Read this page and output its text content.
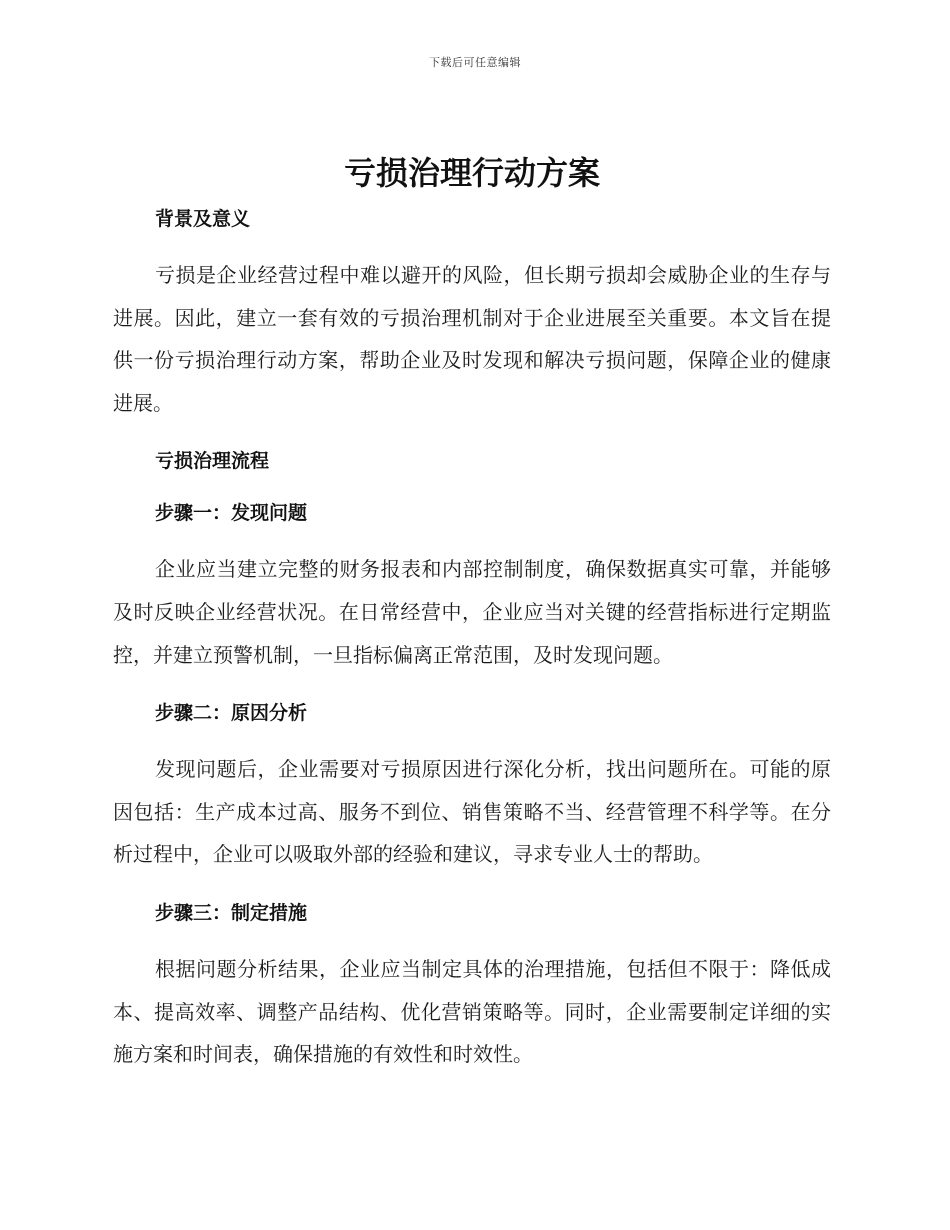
下载后可任意编辑
亏损治理行动方案
背景及意义

亏损是企业经营过程中难以避开的风险，但长期亏损却会威胁企业的生存与进展。因此，建立一套有效的亏损治理机制对于企业进展至关重要。本文旨在提供一份亏损治理行动方案，帮助企业及时发现和解决亏损问题，保障企业的健康进展。

亏损治理流程
步骤一：发现问题

企业应当建立完整的财务报表和内部控制制度，确保数据真实可靠，并能够及时反映企业经营状况。在日常经营中，企业应当对关键的经营指标进行定期监控，并建立预警机制，一旦指标偏离正常范围，及时发现问题。

步骤二：原因分析

发现问题后，企业需要对亏损原因进行深化分析，找出问题所在。可能的原因包括：生产成本过高、服务不到位、销售策略不当、经营管理不科学等。在分析过程中，企业可以吸取外部的经验和建议，寻求专业人士的帮助。

步骤三：制定措施

根据问题分析结果，企业应当制定具体的治理措施，包括但不限于：降低成本、提高效率、调整产品结构、优化营销策略等。同时，企业需要制定详细的实施方案和时间表，确保措施的有效性和时效性。
